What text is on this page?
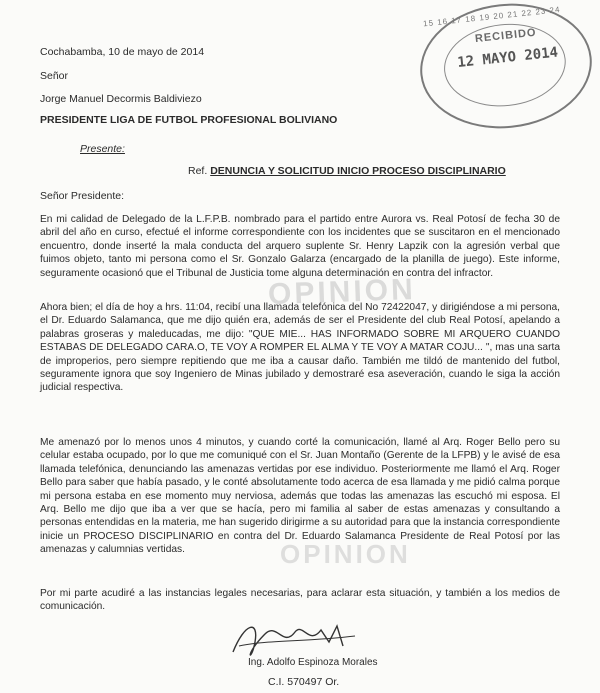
15 16 17 18 19 20 21 22 23 24
RECIBIDO
12 MAYO 2014
Cochabamba, 10 de mayo de 2014
Señor
Jorge Manuel Decormis Baldiviezo
PRESIDENTE LIGA DE FUTBOL PROFESIONAL BOLIVIANO
Presente:
Ref. DENUNCIA Y SOLICITUD INICIO PROCESO DISCIPLINARIO
Señor Presidente:
En mi calidad de Delegado de la L.F.P.B. nombrado para el partido entre Aurora vs. Real Potosí de fecha 30 de abril del año en curso, efectué el informe correspondiente con los incidentes que se suscitaron en el mencionado encuentro, donde inserté la mala conducta del arquero suplente Sr. Henry Lapzik con la agresión verbal que fuimos objeto, tanto mi persona como el Sr. Gonzalo Galarza (encargado de la planilla de juego). Este informe, seguramente ocasionó que el Tribunal de Justicia tome alguna determinación en contra del infractor.
Ahora bien; el día de hoy a hrs. 11:04, recibí una llamada telefónica del No 72422047, y dirigiéndose a mi persona, el Dr. Eduardo Salamanca, que me dijo quién era, además de ser el Presidente del club Real Potosí, apelando a palabras groseras y maleducadas, me dijo: "QUE MIE... HAS INFORMADO SOBRE MI ARQUERO CUANDO ESTABAS DE DELEGADO CARA.O, TE VOY A ROMPER EL ALMA Y TE VOY A MATAR COJU... ", mas una sarta de improperios, pero siempre repitiendo que me iba a causar daño. También me tildó de mantenido del futbol, seguramente ignora que soy Ingeniero de Minas jubilado y demostraré esa aseveración, cuando le siga la acción judicial respectiva.
Me amenazó por lo menos unos 4 minutos, y cuando corté la comunicación, llamé al Arq. Roger Bello pero su celular estaba ocupado, por lo que me comuniqué con el Sr. Juan Montaño (Gerente de la LFPB) y le avisé de esa llamada telefónica, denunciando las amenazas vertidas por ese individuo. Posteriormente me llamó el Arq. Roger Bello para saber que había pasado, y le conté absolutamente todo acerca de esa llamada y me pidió calma porque mi persona estaba en ese momento muy nerviosa, además que todas las amenazas las escuchó mi esposa. El Arq. Bello me dijo que iba a ver que se hacía, pero mi familia al saber de estas amenazas y consultando a personas entendidas en la materia, me han sugerido dirigirme a su autoridad para que la instancia correspondiente inicie un PROCESO DISCIPLINARIO en contra del Dr. Eduardo Salamanca Presidente de Real Potosí por las amenazas y calumnias vertidas.
Por mi parte acudiré a las instancias legales necesarias, para aclarar esta situación, y también a los medios de comunicación.
OPINION
OPINION
Ing. Adolfo Espinoza Morales
C.I. 570497 Or.
